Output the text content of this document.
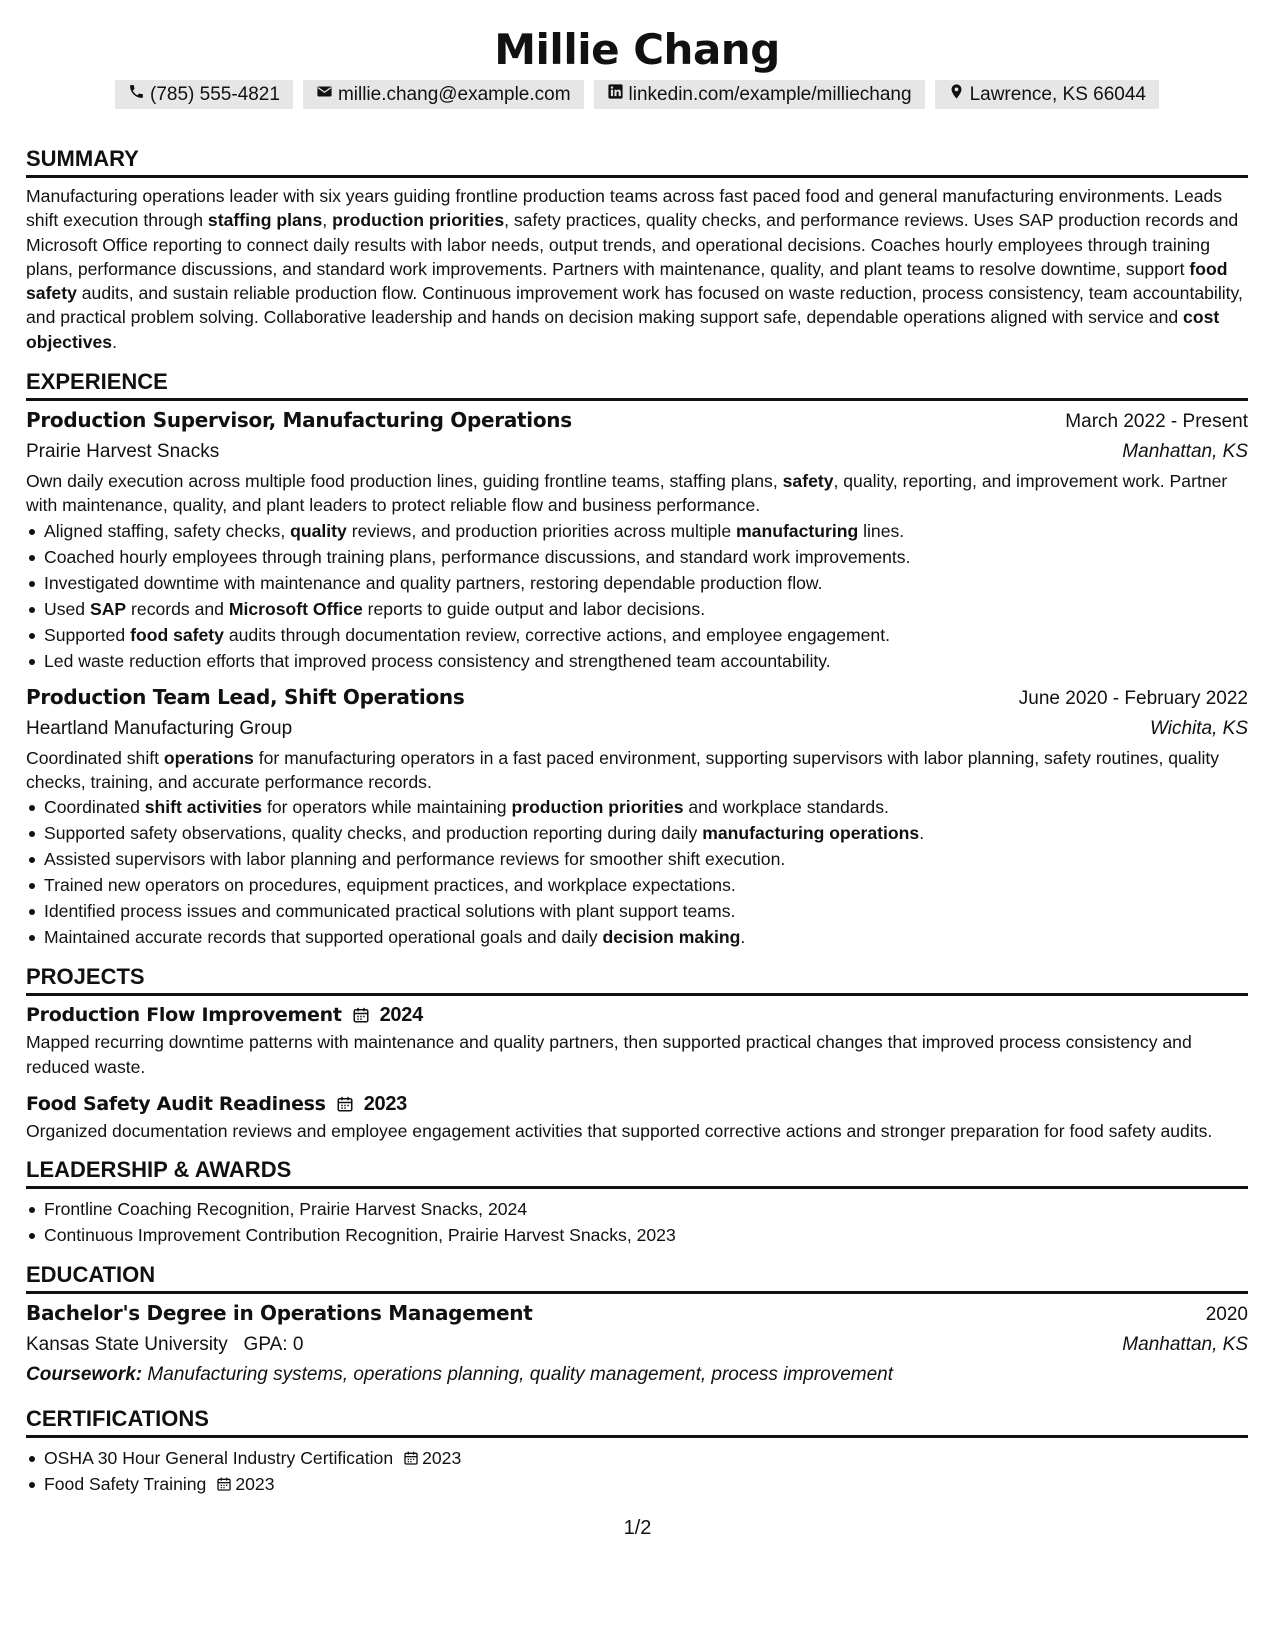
Millie Chang
(785) 555-4821	millie.chang@example.com	linkedin.com/example/milliechang	Lawrence, KS 66044
SUMMARY
Manufacturing operations leader with six years guiding frontline production teams across fast paced food and general manufacturing environments. Leads shift execution through staffing plans, production priorities, safety practices, quality checks, and performance reviews. Uses SAP production records and Microsoft Office reporting to connect daily results with labor needs, output trends, and operational decisions. Coaches hourly employees through training plans, performance discussions, and standard work improvements. Partners with maintenance, quality, and plant teams to resolve downtime, support food safety audits, and sustain reliable production flow. Continuous improvement work has focused on waste reduction, process consistency, team accountability, and practical problem solving. Collaborative leadership and hands on decision making support safe, dependable operations aligned with service and cost objectives.
EXPERIENCE
Production Supervisor, Manufacturing Operations	March 2022 - Present
Prairie Harvest Snacks	Manhattan, KS
Own daily execution across multiple food production lines, guiding frontline teams, staffing plans, safety, quality, reporting, and improvement work. Partner with maintenance, quality, and plant leaders to protect reliable flow and business performance.
Aligned staffing, safety checks, quality reviews, and production priorities across multiple manufacturing lines.
Coached hourly employees through training plans, performance discussions, and standard work improvements.
Investigated downtime with maintenance and quality partners, restoring dependable production flow.
Used SAP records and Microsoft Office reports to guide output and labor decisions.
Supported food safety audits through documentation review, corrective actions, and employee engagement.
Led waste reduction efforts that improved process consistency and strengthened team accountability.
Production Team Lead, Shift Operations	June 2020 - February 2022
Heartland Manufacturing Group	Wichita, KS
Coordinated shift operations for manufacturing operators in a fast paced environment, supporting supervisors with labor planning, safety routines, quality checks, training, and accurate performance records.
Coordinated shift activities for operators while maintaining production priorities and workplace standards.
Supported safety observations, quality checks, and production reporting during daily manufacturing operations.
Assisted supervisors with labor planning and performance reviews for smoother shift execution.
Trained new operators on procedures, equipment practices, and workplace expectations.
Identified process issues and communicated practical solutions with plant support teams.
Maintained accurate records that supported operational goals and daily decision making.
PROJECTS
Production Flow Improvement 2024
Mapped recurring downtime patterns with maintenance and quality partners, then supported practical changes that improved process consistency and reduced waste.
Food Safety Audit Readiness 2023
Organized documentation reviews and employee engagement activities that supported corrective actions and stronger preparation for food safety audits.
LEADERSHIP & AWARDS
Frontline Coaching Recognition, Prairie Harvest Snacks, 2024
Continuous Improvement Contribution Recognition, Prairie Harvest Snacks, 2023
EDUCATION
Bachelor's Degree in Operations Management	2020
Kansas State University GPA: 0	Manhattan, KS
Coursework: Manufacturing systems, operations planning, quality management, process improvement
CERTIFICATIONS
OSHA 30 Hour General Industry Certification 2023
Food Safety Training 2023
1/2
